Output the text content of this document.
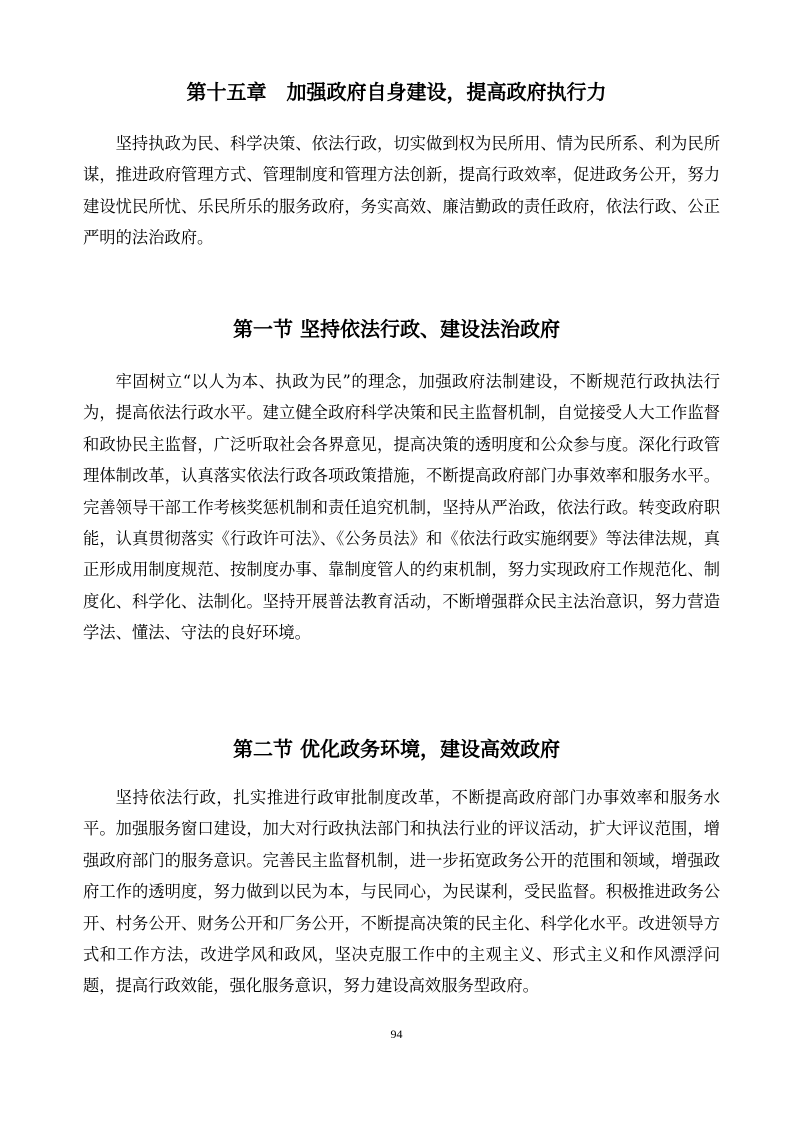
第十五章　加强政府自身建设，提高政府执行力

坚持执政为民、科学决策、依法行政，切实做到权为民所用、情为民所系、利为民所谋，推进政府管理方式、管理制度和管理方法创新，提高行政效率，促进政务公开，努力建设忧民所忧、乐民所乐的服务政府，务实高效、廉洁勤政的责任政府，依法行政、公正严明的法治政府。

第一节 坚持依法行政、建设法治政府

牢固树立“以人为本、执政为民”的理念，加强政府法制建设，不断规范行政执法行为，提高依法行政水平。建立健全政府科学决策和民主监督机制，自觉接受人大工作监督和政协民主监督，广泛听取社会各界意见，提高决策的透明度和公众参与度。深化行政管理体制改革，认真落实依法行政各项政策措施，不断提高政府部门办事效率和服务水平。完善领导干部工作考核奖惩机制和责任追究机制，坚持从严治政，依法行政。转变政府职能，认真贯彻落实《行政许可法》、《公务员法》和《依法行政实施纲要》等法律法规，真正形成用制度规范、按制度办事、靠制度管人的约束机制，努力实现政府工作规范化、制度化、科学化、法制化。坚持开展普法教育活动，不断增强群众民主法治意识，努力营造学法、懂法、守法的良好环境。

第二节 优化政务环境，建设高效政府

坚持依法行政，扎实推进行政审批制度改革，不断提高政府部门办事效率和服务水平。加强服务窗口建设，加大对行政执法部门和执法行业的评议活动，扩大评议范围，增强政府部门的服务意识。完善民主监督机制，进一步拓宽政务公开的范围和领域，增强政府工作的透明度，努力做到以民为本，与民同心，为民谋利，受民监督。积极推进政务公开、村务公开、财务公开和厂务公开，不断提高决策的民主化、科学化水平。改进领导方式和工作方法，改进学风和政风，坚决克服工作中的主观主义、形式主义和作风漂浮问题，提高行政效能，强化服务意识，努力建设高效服务型政府。

94
